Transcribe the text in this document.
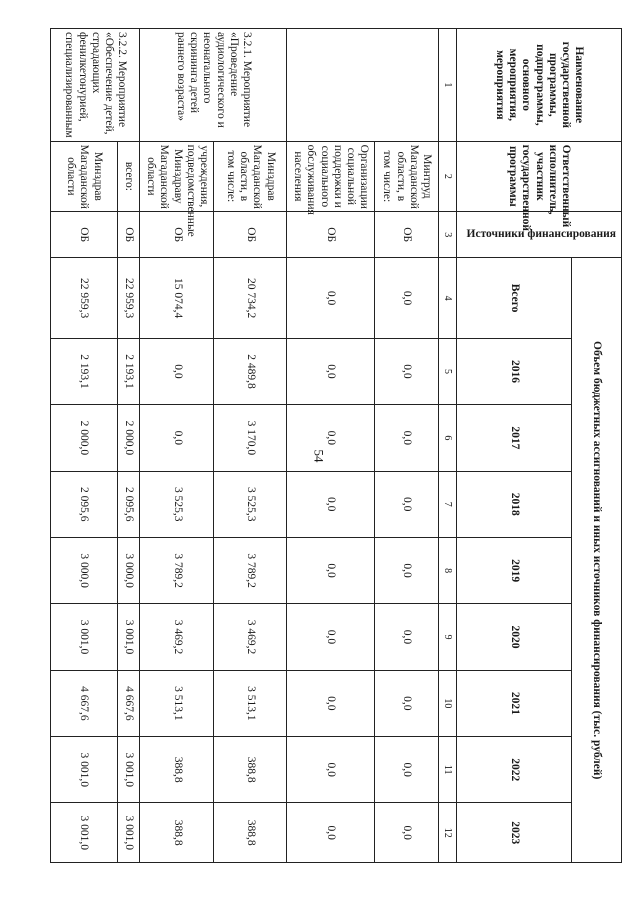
54
Наименование государственной программы, подпрограммы, основного мероприятия, мероприятия	Ответственный исполнитель, участник государственной программы	Источники финансирования	Объем бюджетных ассигнований и иных источников финансирования (тыс. рублей)								
			Всего	2016	2017	2018	2019	2020	2021	2022	2023
1	2	3	4	5	6	7	8	9	10	11	12
	Минтруд Магаданской области, в том числе:	ОБ	0,0	0,0	0,0	0,0	0,0	0,0	0,0	0,0	0,0
	Организации социальной поддержки и социального обслуживания населения	ОБ	0,0	0,0	0,0	0,0	0,0	0,0	0,0	0,0	0,0
3.2.1. Мероприятие «Проведение аудиологического и неонатального скрининга детей раннего возраста»	Минздрав Магаданской области, в том числе:	ОБ	20 734,2	2 489,8	3 170,0	3 525,3	3 789,2	3 469,2	3 513,1	388,8	388,8
	учреждения, подведомственные Минздраву Магаданской области	ОБ	15 074,4	0,0	0,0	3 525,3	3 789,2	3 469,2	3 513,1	388,8	388,8
3.2.2. Мероприятие «Обеспечение детей, страдающих фенилкетонурией, специализированным	всего:	ОБ	22 959,3	2 193,1	2 000,0	2 095,6	3 000,0	3 001,0	4 667,6	3 001,0	3 001,0
	Минздрав Магаданской области	ОБ	22 959,3	2 193,1	2 000,0	2 095,6	3 000,0	3 001,0	4 667,6	3 001,0	3 001,0
